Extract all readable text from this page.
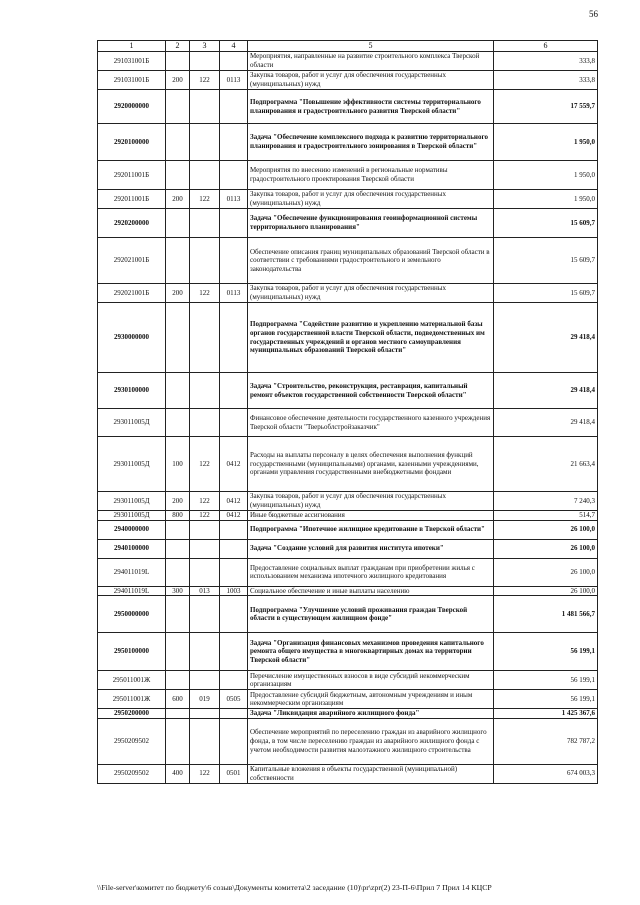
56
1	2	3	4	5	6
291031001Б				Мероприятия, направленные на развитие строительного комплекса Тверской области	333,8
291031001Б	200	122	0113	Закупка товаров, работ и услуг для обеспечения государственных (муниципальных) нужд	333,8
2920000000				Подпрограмма "Повышение эффективности системы территориального планирования и градостроительного развития Тверской области"	17 559,7
2920100000				Задача "Обеспечение комплексного подхода к развитию территориального планирования и градостроительного зонирования в Тверской области"	1 950,0
292011001Б				Мероприятия по внесению изменений в региональные нормативы градостроительного проектирования Тверской области	1 950,0
292011001Б	200	122	0113	Закупка товаров, работ и услуг для обеспечения государственных (муниципальных) нужд	1 950,0
2920200000				Задача "Обеспечение функционирования геоинформационной системы территориального планирования"	15 609,7
292021001Б				Обеспечение описания границ муниципальных образований Тверской области в соответствии с требованиями градостроительного и земельного законодательства	15 609,7
292021001Б	200	122	0113	Закупка товаров, работ и услуг для обеспечения государственных (муниципальных) нужд	15 609,7
2930000000				Подпрограмма "Содействие развитию и укреплению материальной базы органов государственной власти Тверской области, подведомственных им государственных учреждений и органов местного самоуправления муниципальных образований Тверской области"	29 418,4
2930100000				Задача "Строительство, реконструкция, реставрация, капитальный ремонт объектов государственной собственности Тверской области"	29 418,4
293011005Д				Финансовое обеспечение деятельности государственного казенного учреждения Тверской области "Тверьоблстройзаказчик"	29 418,4
293011005Д	100	122	0412	Расходы на выплаты персоналу в целях обеспечения выполнения функций государственными (муниципальными) органами, казенными учреждениями, органами управления государственными внебюджетными фондами	21 663,4
293011005Д	200	122	0412	Закупка товаров, работ и услуг для обеспечения государственных (муниципальных) нужд	7 240,3
293011005Д	800	122	0412	Иные бюджетные ассигнования	514,7
2940000000				Подпрограмма "Ипотечное жилищное кредитование в Тверской области"	26 100,0
2940100000				Задача "Создание условий для развития института ипотеки"	26 100,0
294011019L				Предоставление социальных выплат гражданам при приобретении жилья с использованием механизма ипотечного жилищного кредитования	26 100,0
294011019L	300	013	1003	Социальное обеспечение и иные выплаты населению	26 100,0
2950000000				Подпрограмма "Улучшение условий проживания граждан Тверской области в существующем жилищном фонде"	1 481 566,7
2950100000				Задача "Организация финансовых механизмов проведения капитального ремонта общего имущества в многоквартирных домах на территории Тверской области"	56 199,1
295011001Ж				Перечисление имущественных взносов в виде субсидий некоммерческим организациям	56 199,1
295011001Ж	600	019	0505	Предоставление субсидий бюджетным, автономным учреждениям и иным некоммерческим организациям	56 199,1
2950200000				Задача "Ликвидация аварийного жилищного фонда"	1 425 367,6
2950209502				Обеспечение мероприятий по переселению граждан из аварийного жилищного фонда, в том числе переселению граждан из аварийного жилищного фонда с учетом необходимости развития малоэтажного жилищного строительства	782 787,2
2950209502	400	122	0501	Капитальные вложения в объекты государственной (муниципальной) собственности	674 003,3
\\File-server\комитет по бюджету\6 созыв\Документы комитета\2 заседание (10)\pr\zpr(2) 23-П-6\Прил 7 Прил 14 КЦСР
